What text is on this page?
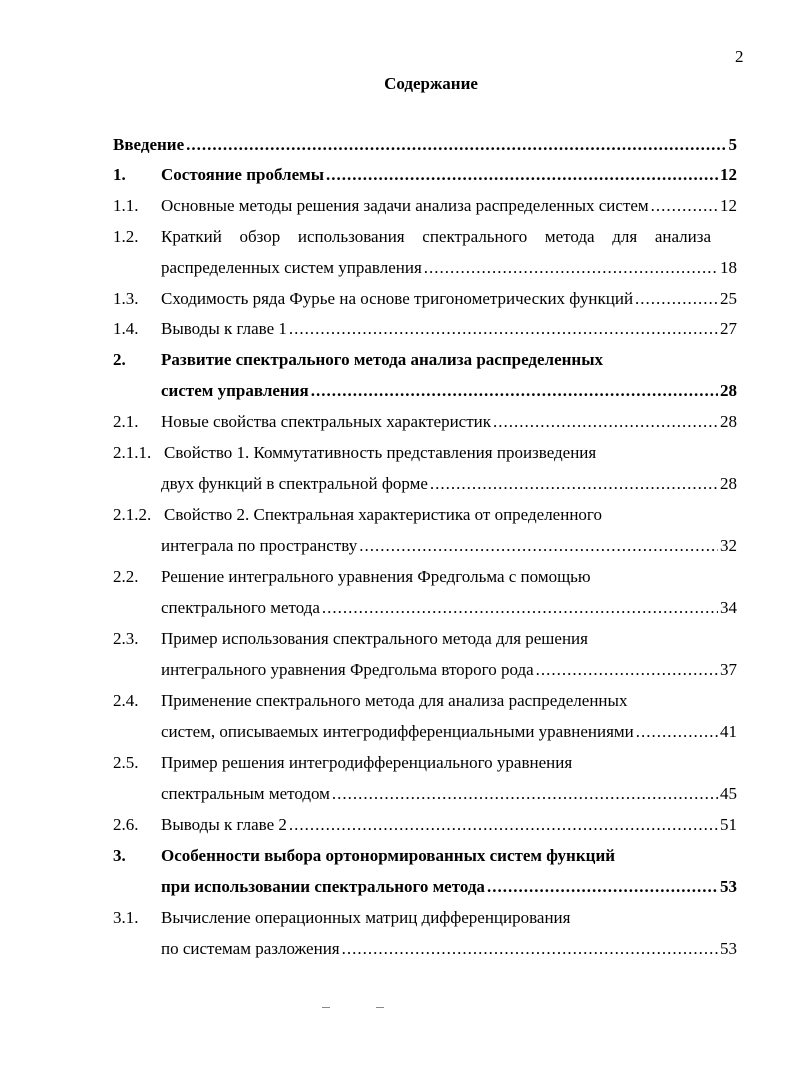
2
Содержание
Введение .....	5
1. Состояние проблемы .....	12
1.1. Основные методы решения задачи анализа распределенных систем .....	12
1.2. Краткий обзор использования спектрального метода для анализа
распределенных систем управления .....	18
1.3. Сходимость ряда Фурье на основе тригонометрических функций .....	25
1.4. Выводы к главе 1 .....	27
2. Развитие спектрального метода анализа распределенных
систем управления .....	28
2.1. Новые свойства спектральных характеристик .....	28
2.1.1. Свойство 1. Коммутативность представления произведения
двух функций в спектральной форме .....	28
2.1.2. Свойство 2. Спектральная характеристика от определенного
интеграла по пространству .....	32
2.2. Решение интегрального уравнения Фредгольма с помощью
спектрального метода .....	34
2.3. Пример использования спектрального метода для решения
интегрального уравнения Фредгольма второго рода .....	37
2.4. Применение спектрального метода для анализа распределенных
систем, описываемых интегродифференциальными уравнениями .....	41
2.5. Пример решения интегродифференциального уравнения
спектральным методом .....	45
2.6. Выводы к главе 2 .....	51
3. Особенности выбора ортонормированных систем функций
при использовании спектрального метода .....	53
3.1. Вычисление операционных матриц дифференцирования
по системам разложения .....	53
